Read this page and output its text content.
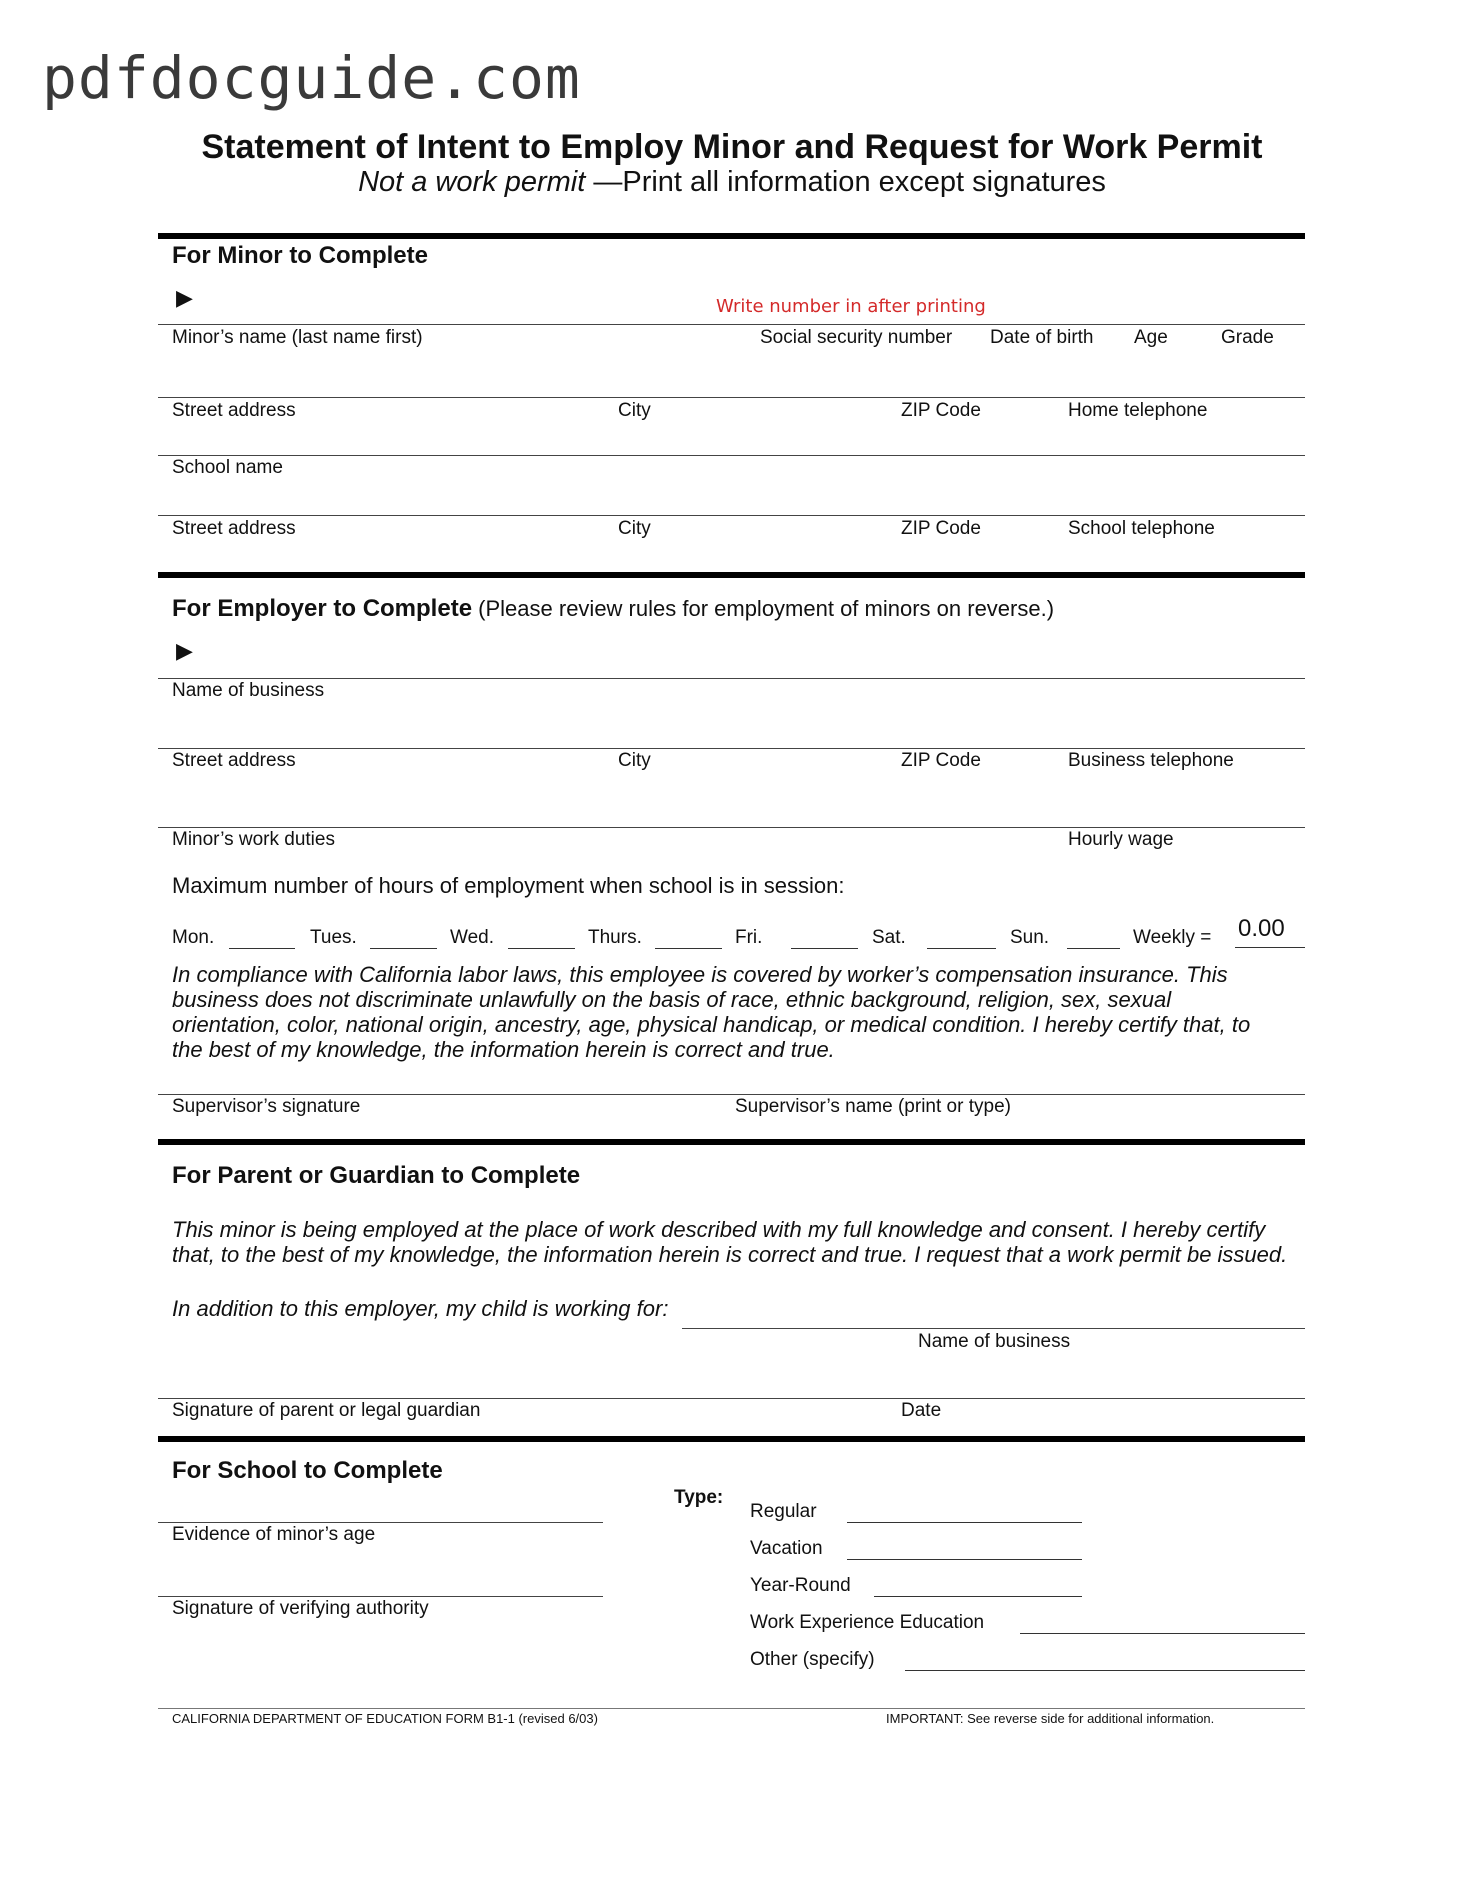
pdfdocguide.com
Statement of Intent to Employ Minor and Request for Work Permit
Not a work permit —Print all information except signatures
For Minor to Complete
▶	Write number in after printing
Minor’s name (last name first)	Social security number Date of birth Age	Grade
Street address	City	ZIP Code	Home telephone
School name
Street address	City	ZIP Code	School telephone
For Employer to Complete (Please review rules for employment of minors on reverse.)
▶
Name of business
Street address	City	ZIP Code	Business telephone
Minor’s work duties	Hourly wage
Maximum number of hours of employment when school is in session:
Mon.	Tues.	Wed.	Thurs.	Fri.	Sat.	Sun.	Weekly = 0.00
In compliance with California labor laws, this employee is covered by worker’s compensation insurance. This business does not discriminate unlawfully on the basis of race, ethnic background, religion, sex, sexual orientation, color, national origin, ancestry, age, physical handicap, or medical condition. I hereby certify that, to the best of my knowledge, the information herein is correct and true.
Supervisor’s signature	Supervisor’s name (print or type)
For Parent or Guardian to Complete
This minor is being employed at the place of work described with my full knowledge and consent. I hereby certify that, to the best of my knowledge, the information herein is correct and true. I request that a work permit be issued.
In addition to this employer, my child is working for:
Name of business
Signature of parent or legal guardian	Date
For School to Complete
Evidence of minor’s age
Signature of verifying authority
Type:
Regular
Vacation
Year-Round
Work Experience Education
Other (specify)
CALIFORNIA DEPARTMENT OF EDUCATION FORM B1-1 (revised 6/03)	IMPORTANT: See reverse side for additional information.
